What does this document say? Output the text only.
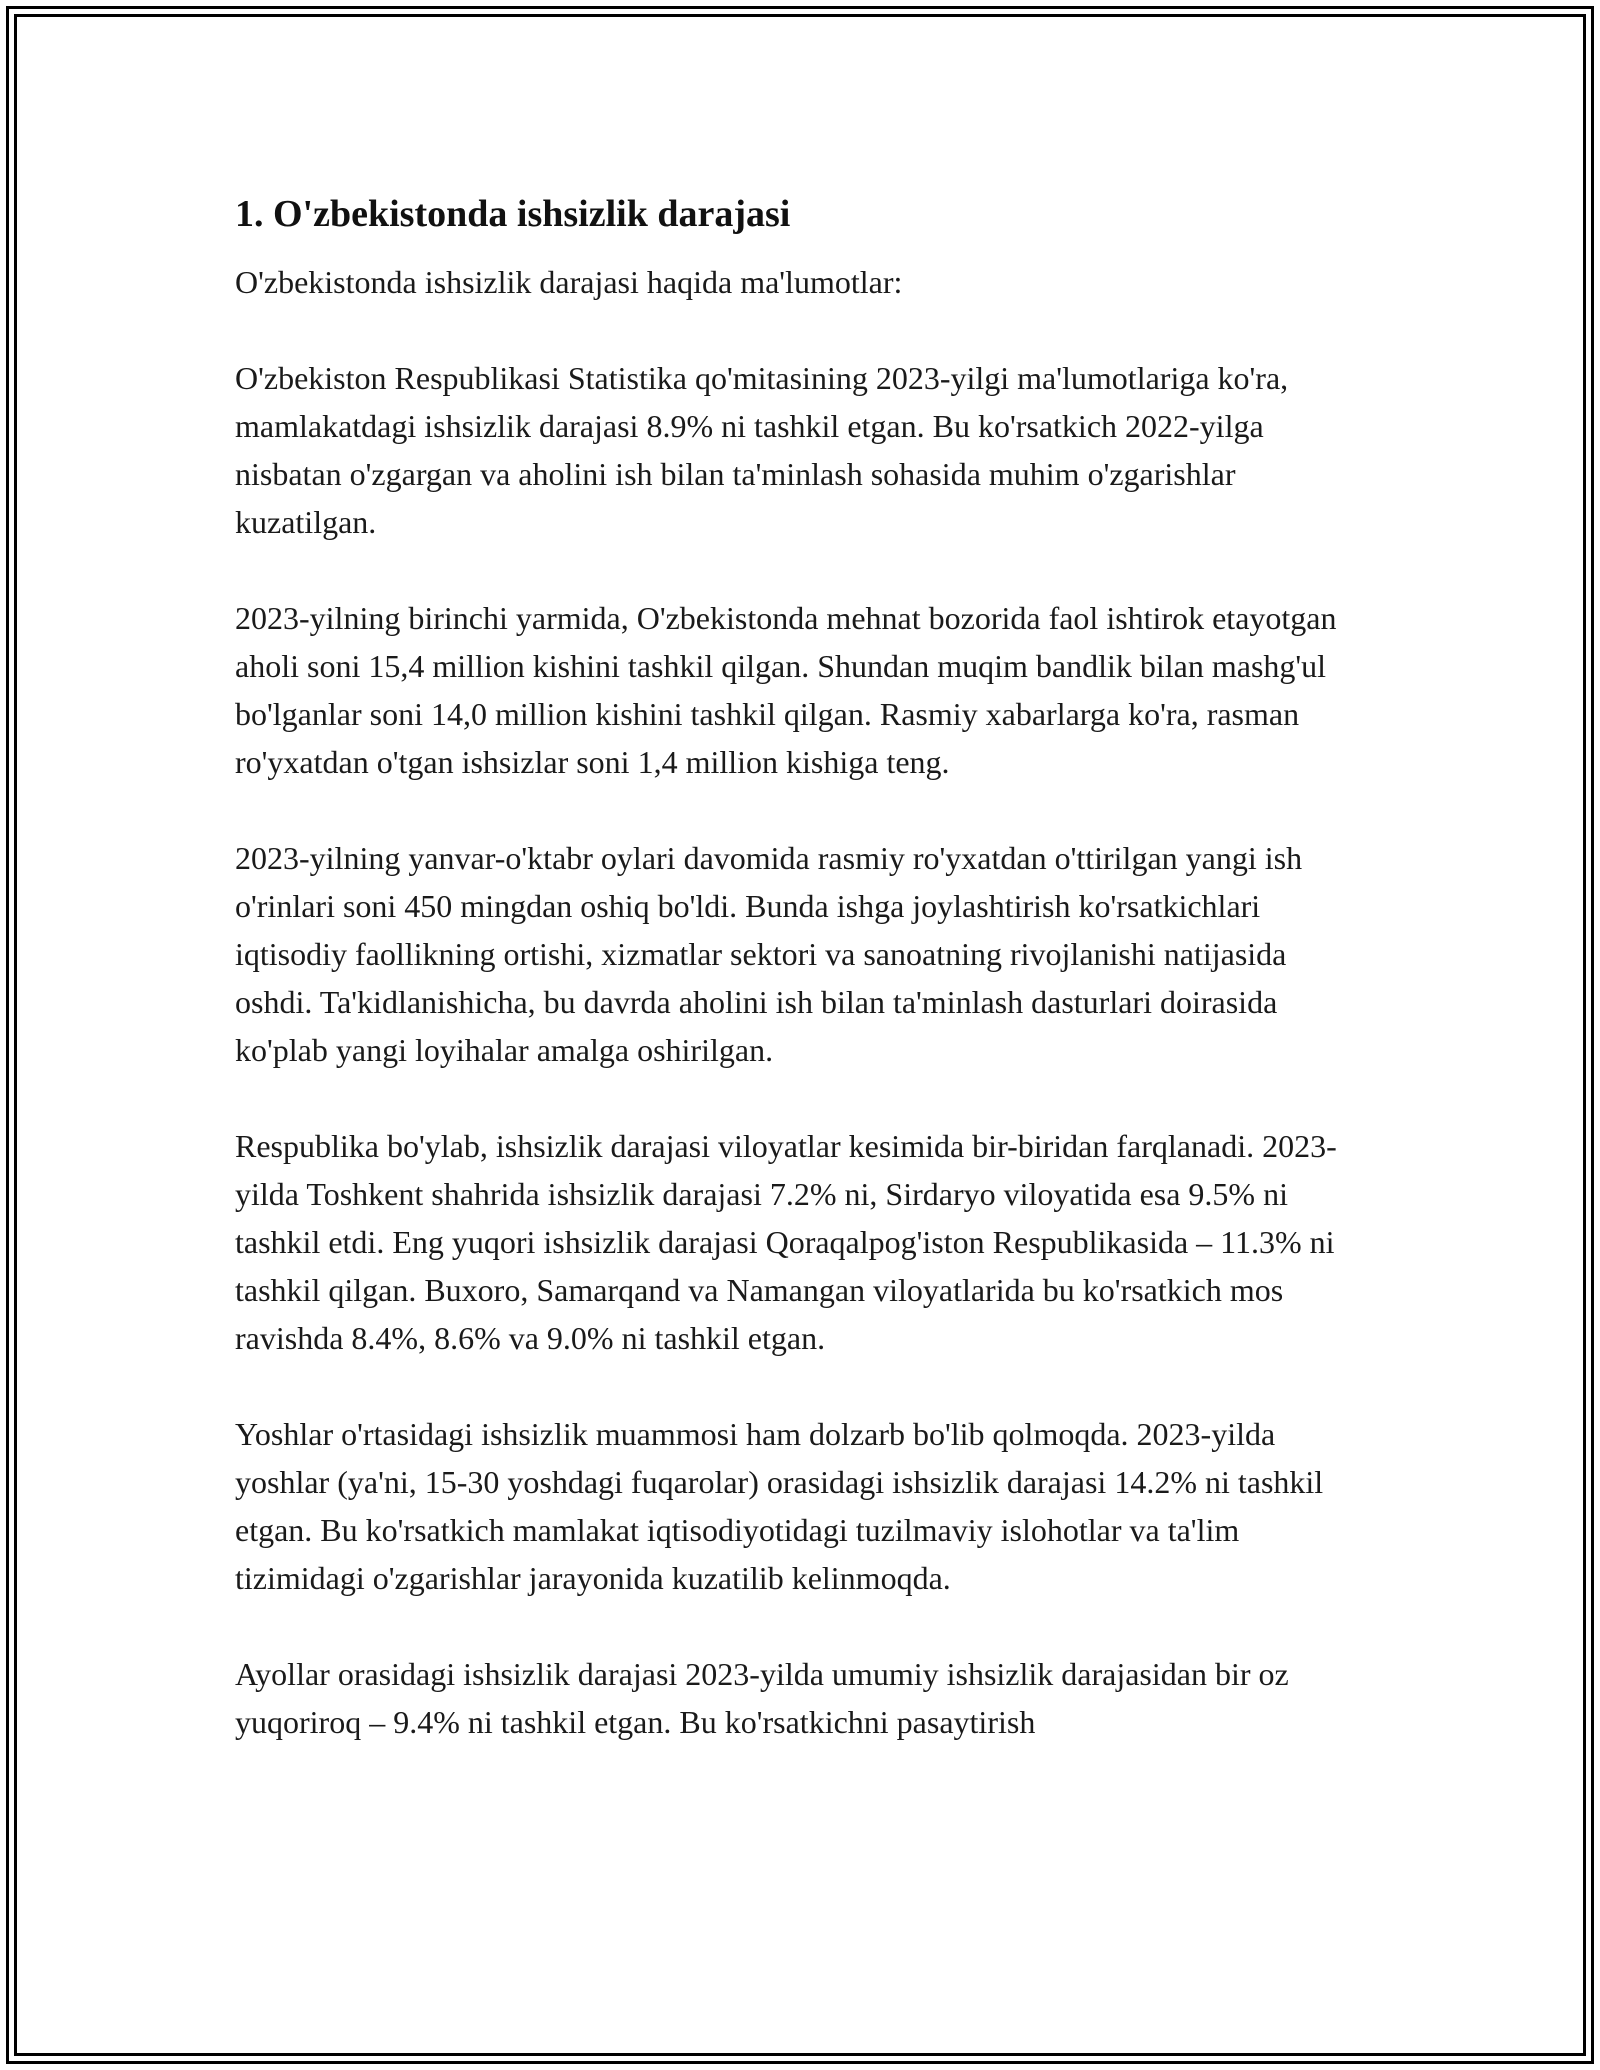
1. O'zbekistonda ishsizlik darajasi

O'zbekistonda ishsizlik darajasi haqida ma'lumotlar:

O'zbekiston Respublikasi Statistika qo'mitasining 2023-yilgi ma'lumotlariga ko'ra, mamlakatdagi ishsizlik darajasi 8.9% ni tashkil etgan. Bu ko'rsatkich 2022-yilga nisbatan o'zgargan va aholini ish bilan ta'minlash sohasida muhim o'zgarishlar kuzatilgan.

2023-yilning birinchi yarmida, O'zbekistonda mehnat bozorida faol ishtirok etayotgan aholi soni 15,4 million kishini tashkil qilgan. Shundan muqim bandlik bilan mashg'ul bo'lganlar soni 14,0 million kishini tashkil qilgan. Rasmiy xabarlarga ko'ra, rasman ro'yxatdan o'tgan ishsizlar soni 1,4 million kishiga teng.

2023-yilning yanvar-o'ktabr oylari davomida rasmiy ro'yxatdan o'ttirilgan yangi ish o'rinlari soni 450 mingdan oshiq bo'ldi. Bunda ishga joylashtirish ko'rsatkichlari iqtisodiy faollikning ortishi, xizmatlar sektori va sanoatning rivojlanishi natijasida oshdi. Ta'kidlanishicha, bu davrda aholini ish bilan ta'minlash dasturlari doirasida ko'plab yangi loyihalar amalga oshirilgan.

Respublika bo'ylab, ishsizlik darajasi viloyatlar kesimida bir-biridan farqlanadi. 2023-yilda Toshkent shahrida ishsizlik darajasi 7.2% ni, Sirdaryo viloyatida esa 9.5% ni tashkil etdi. Eng yuqori ishsizlik darajasi Qoraqalpog'iston Respublikasida – 11.3% ni tashkil qilgan. Buxoro, Samarqand va Namangan viloyatlarida bu ko'rsatkich mos ravishda 8.4%, 8.6% va 9.0% ni tashkil etgan.

Yoshlar o'rtasidagi ishsizlik muammosi ham dolzarb bo'lib qolmoqda. 2023-yilda yoshlar (ya'ni, 15-30 yoshdagi fuqarolar) orasidagi ishsizlik darajasi 14.2% ni tashkil etgan. Bu ko'rsatkich mamlakat iqtisodiyotidagi tuzilmaviy islohotlar va ta'lim tizimidagi o'zgarishlar jarayonida kuzatilib kelinmoqda.

Ayollar orasidagi ishsizlik darajasi 2023-yilda umumiy ishsizlik darajasidan bir oz yuqoriroq – 9.4% ni tashkil etgan. Bu ko'rsatkichni pasaytirish
